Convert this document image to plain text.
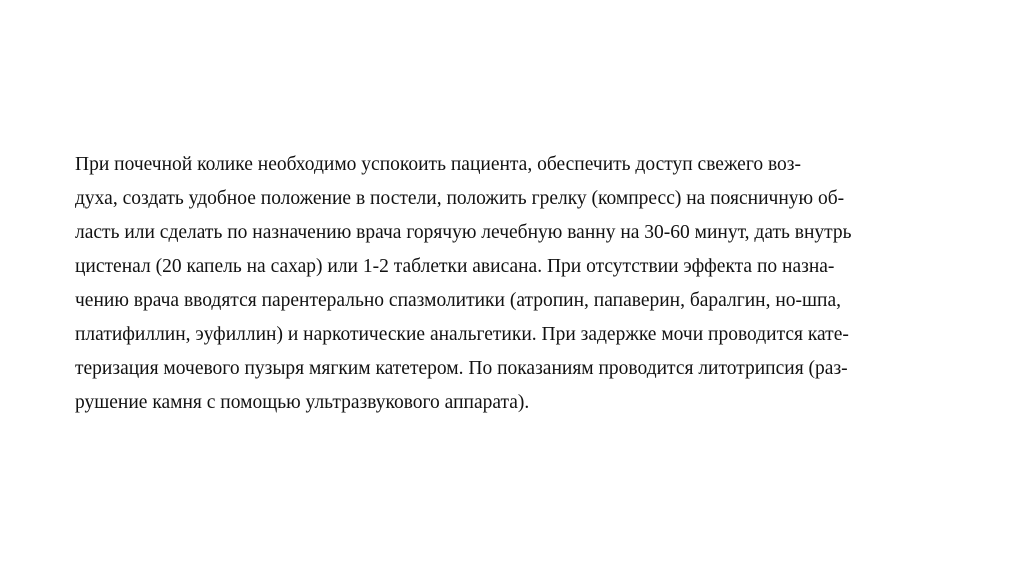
При почечной колике необходимо успокоить пациента, обеспечить доступ свежего воз-
духа, создать удобное положение в постели, положить грелку (компресс) на поясничную об-
ласть или сделать по назначению врача горячую лечебную ванну на 30-60 минут, дать внутрь
цистенал (20 капель на сахар) или 1-2 таблетки ависана. При отсутствии эффекта по назна-
чению врача вводятся парентерально спазмолитики (атропин, папаверин, баралгин, но-шпа,
платифиллин, эуфиллин) и наркотические анальгетики. При задержке мочи проводится кате-
теризация мочевого пузыря мягким катетером. По показаниям проводится литотрипсия (раз-
рушение камня с помощью ультразвукового аппарата).
